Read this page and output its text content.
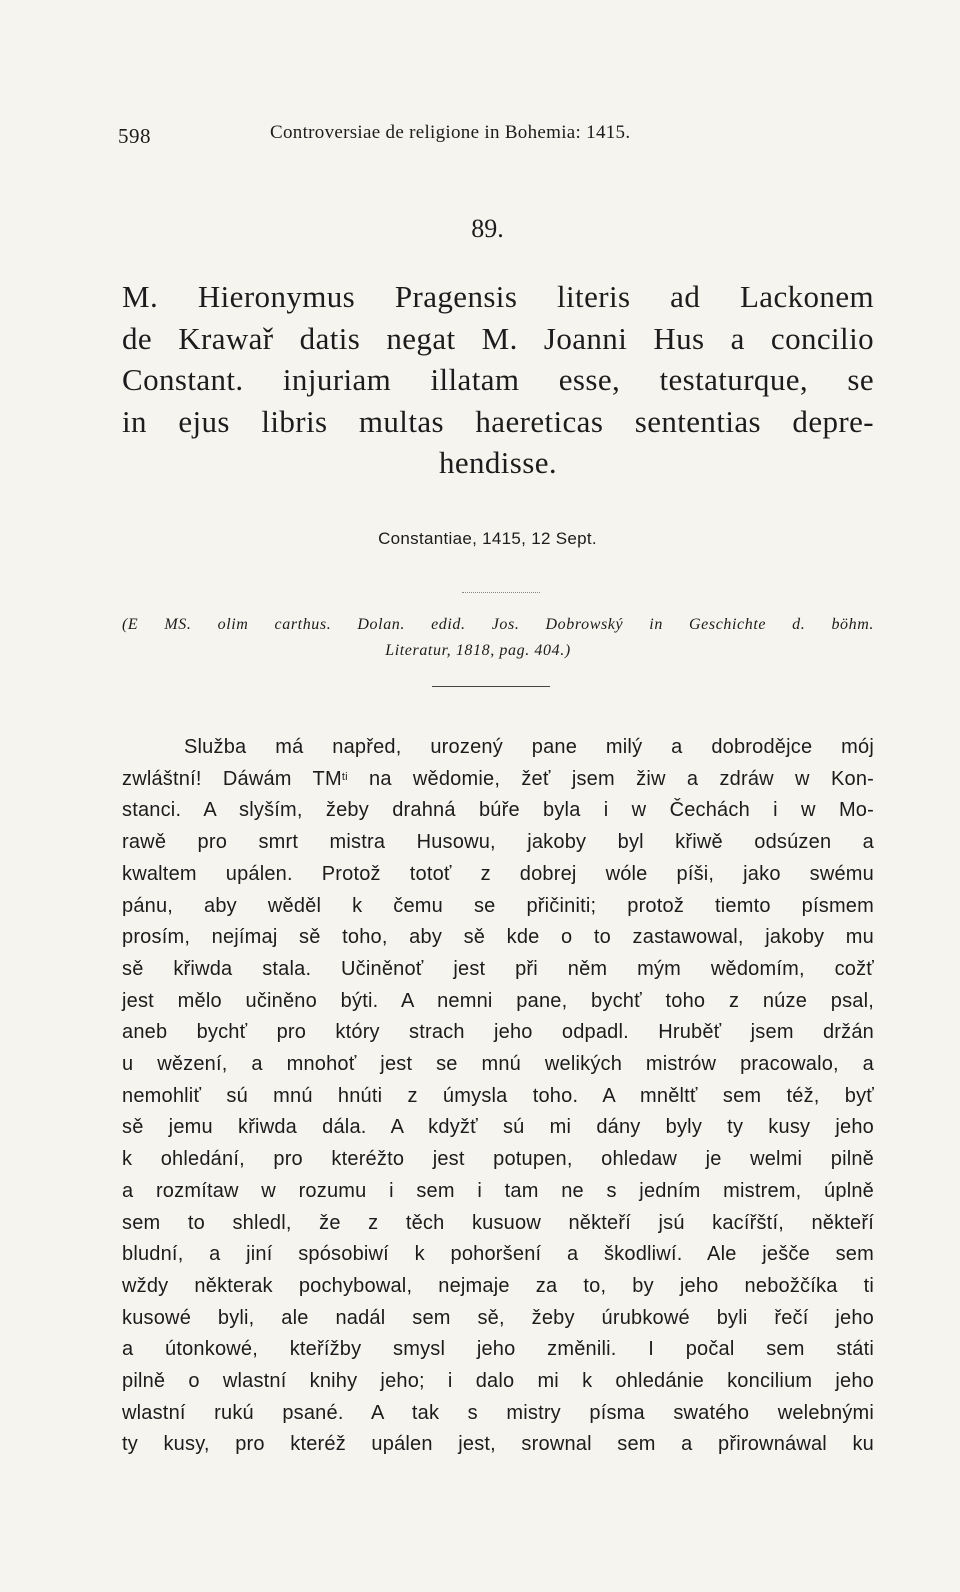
598	Controversiae de religione in Bohemia: 1415.
89.
M. Hieronymus Pragensis literis ad Lackonem
de Krawař datis negat M. Joanni Hus a concilio
Constant. injuriam illatam esse, testaturque, se
in ejus libris multas haereticas sententias depre-
hendisse.
Constantiae, 1415, 12 Sept.
(E MS. olim carthus. Dolan. edid. Jos. Dobrowský in Geschichte d. böhm.
Literatur, 1818, pag. 404.)
Služba má napřed, urozený pane milý a dobrodějce mój
zwláštní! Dáwám $TM^{ti}$ na wědomie, žeť jsem žiw a zdráw w Kon-
stanci. A slyším, žeby drahná búře byla i w Čechách i w Mo-
rawě pro smrt mistra Husowu, jakoby byl křiwě odsúzen a
kwaltem upálen. Protož totoť z dobrej wóle píši, jako swému
pánu, aby wěděl k čemu se přičiniti; protož tiemto písmem
prosím, nejímaj sě toho, aby sě kde o to zastawowal, jakoby mu
sě křiwda stala. Učiněnoť jest při něm mým wědomím, cožť
jest mělo učiněno býti. A nemni pane, bychť toho z núze psal,
aneb bychť pro który strach jeho odpadl. Hruběť jsem držán
u wězení, a mnohoť jest se mnú welikých mistrów pracowalo, a
nemohliť sú mnú hnúti z úmysla toho. A mněltť sem též, byť
sě jemu křiwda dála. A kdyžť sú mi dány byly ty kusy jeho
k ohledání, pro kteréžto jest potupen, ohledaw je welmi pilně
a rozmítaw w rozumu i sem i tam ne s jedním mistrem, úplně
sem to shledl, že z těch kusuow někteří jsú kacířští, někteří
bludní, a jiní spósobiwí k pohoršení a škodliwí. Ale ješče sem
wždy některak pochybowal, nejmaje za to, by jeho nebožčíka ti
kusowé byli, ale nadál sem sě, žeby úrubkowé byli řečí jeho
a útonkowé, kteřížby smysl jeho změnili. I počal sem státi
pilně o wlastní knihy jeho; i dalo mi k ohledánie koncilium jeho
wlastní rukú psané. A tak s mistry písma swatého welebnými
ty kusy, pro kteréž upálen jest, srownal sem a přirownáwal ku
